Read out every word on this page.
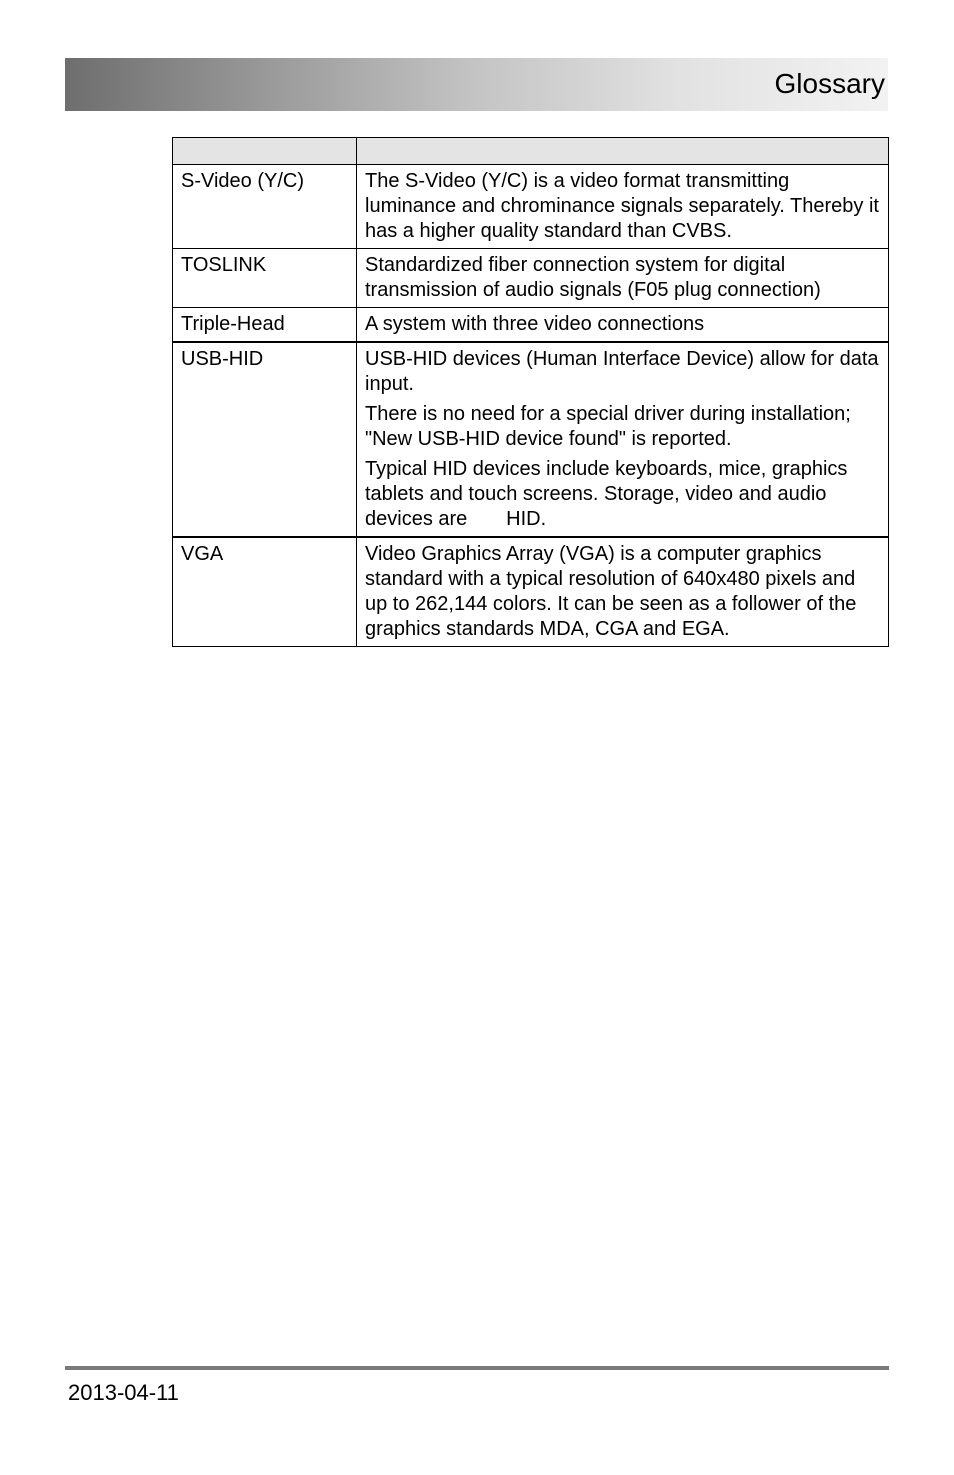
Glossary

S-Video (Y/C)	The S-Video (Y/C) is a video format transmitting luminance and chrominance signals separately. Thereby it has a higher quality standard than CVBS.

TOSLINK	Standardized fiber connection system for digital transmission of audio signals (F05 plug connection)

Triple-Head	A system with three video connections

USB-HID	USB-HID devices (Human Interface Device) allow for data input.

There is no need for a special driver during installation; "New USB-HID device found" is reported.

Typical HID devices include keyboards, mice, graphics tablets and touch screens. Storage, video and audio devices are       HID.

VGA	Video Graphics Array (VGA) is a computer graphics standard with a typical resolution of 640x480 pixels and up to 262,144 colors. It can be seen as a follower of the graphics standards MDA, CGA and EGA.

2013-04-11
